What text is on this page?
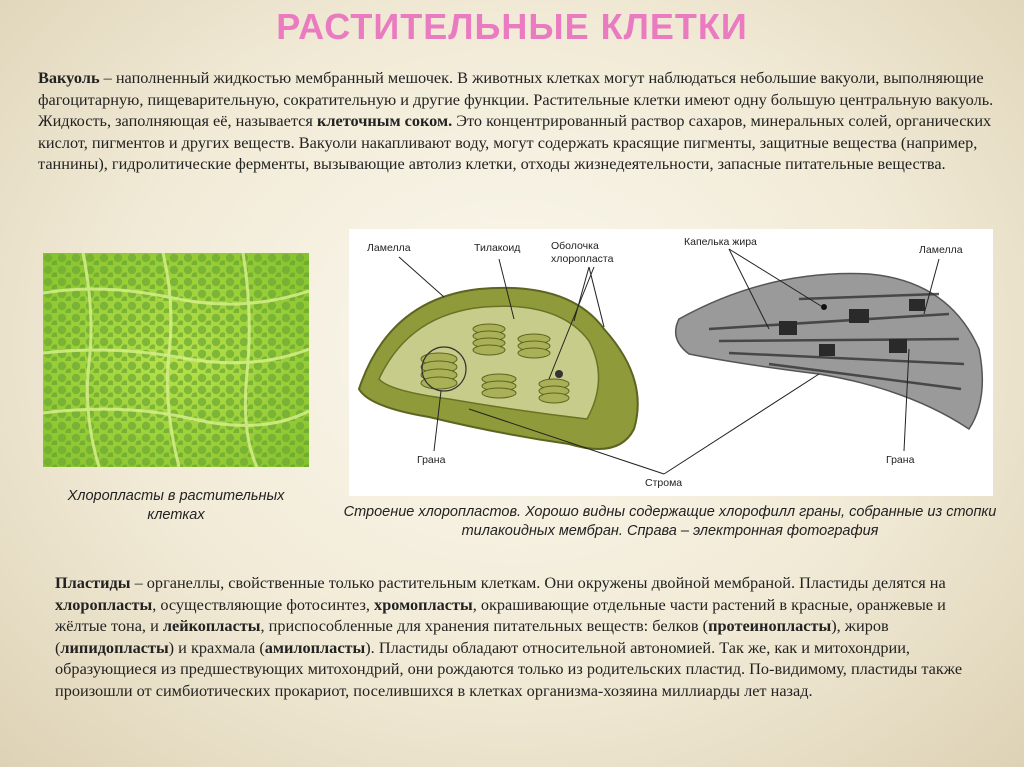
РАСТИТЕЛЬНЫЕ КЛЕТКИ
Вакуоль – наполненный жидкостью мембранный мешочек. В животных клетках могут наблюдаться небольшие вакуоли, выполняющие фагоцитарную, пищеварительную, сократительную и другие функции. Растительные клетки имеют одну большую центральную вакуоль. Жидкость, заполняющая её, называется клеточным соком. Это концентрированный раствор сахаров, минеральных солей, органических кислот, пигментов и других веществ. Вакуоли накапливают воду, могут содержать красящие пигменты, защитные вещества (например, таннины), гидролитические ферменты, вызывающие автолиз клетки, отходы жизнедеятельности, запасные питательные вещества.
Хлоропласты в растительных клетках
Ламелла	Тилакоид	Оболочка
хлоропласта
Капелька жира
Ламелла
Грана
Строма
Грана
Строение хлоропластов. Хорошо видны содержащие хлорофилл граны, собранные из стопки тилакоидных мембран. Справа – электронная фотография
Пластиды – органеллы, свойственные только растительным клеткам. Они окружены двойной мембраной. Пластиды делятся на хлоропласты, осуществляющие фотосинтез, хромопласты, окрашивающие отдельные части растений в красные, оранжевые и жёлтые тона, и лейкопласты, приспособленные для хранения питательных веществ: белков (протеинопласты), жиров (липидопласты) и крахмала (амилопласты). Пластиды обладают относительной автономией. Так же, как и митохондрии, образующиеся из предшествующих митохондрий, они рождаются только из родительских пластид. По-видимому, пластиды также произошли от симбиотических прокариот, поселившихся в клетках организма-хозяина миллиарды лет назад.
